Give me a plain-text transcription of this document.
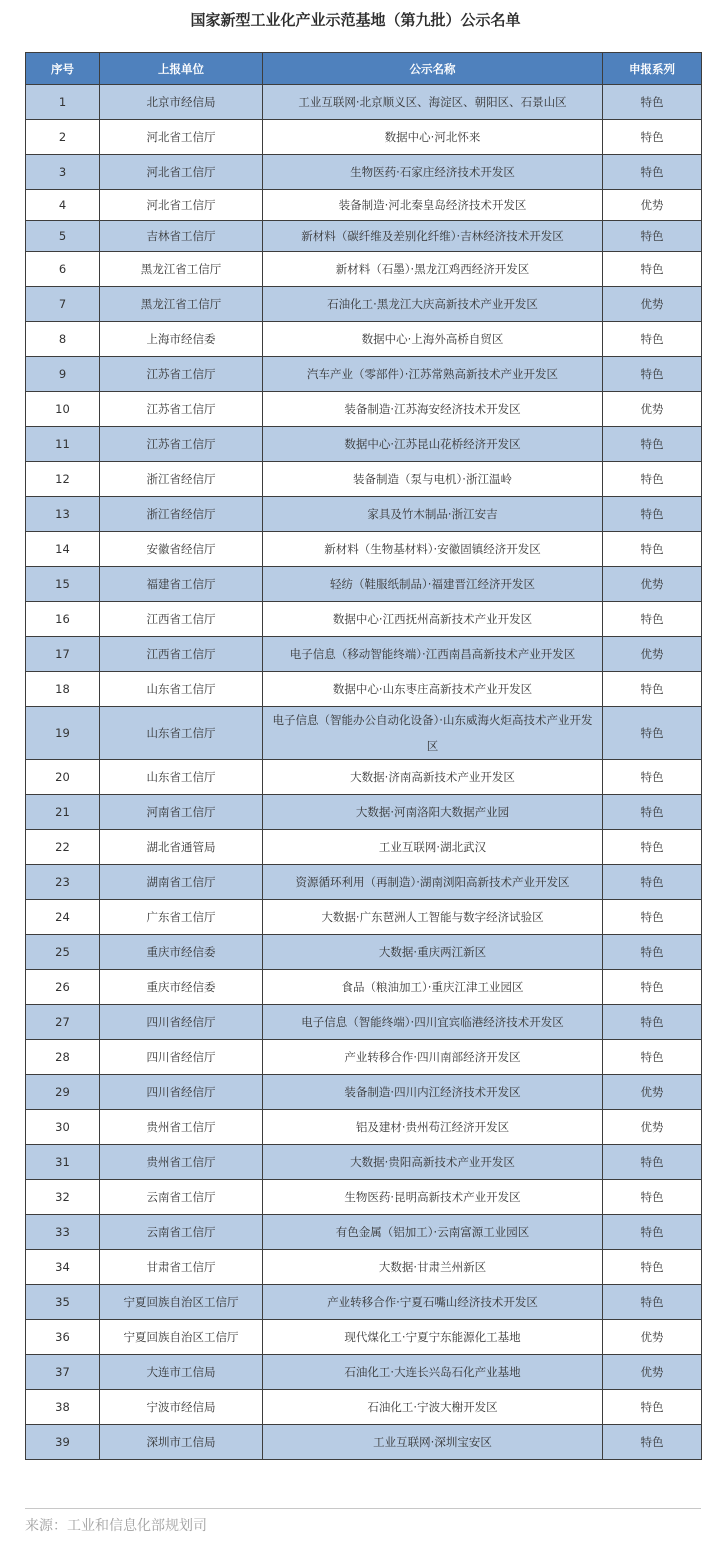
国家新型工业化产业示范基地（第九批）公示名单
序号	上报单位	公示名称	申报系列
1	北京市经信局	工业互联网·北京顺义区、海淀区、朝阳区、石景山区	特色
2	河北省工信厅	数据中心·河北怀来	特色
3	河北省工信厅	生物医药·石家庄经济技术开发区	特色
4	河北省工信厅	装备制造·河北秦皇岛经济技术开发区	优势
5	吉林省工信厅	新材料（碳纤维及差别化纤维）·吉林经济技术开发区	特色
6	黑龙江省工信厅	新材料（石墨）·黑龙江鸡西经济开发区	特色
7	黑龙江省工信厅	石油化工·黑龙江大庆高新技术产业开发区	优势
8	上海市经信委	数据中心·上海外高桥自贸区	特色
9	江苏省工信厅	汽车产业（零部件）·江苏常熟高新技术产业开发区	特色
10	江苏省工信厅	装备制造·江苏海安经济技术开发区	优势
11	江苏省工信厅	数据中心·江苏昆山花桥经济开发区	特色
12	浙江省经信厅	装备制造（泵与电机）·浙江温岭	特色
13	浙江省经信厅	家具及竹木制品·浙江安吉	特色
14	安徽省经信厅	新材料（生物基材料）·安徽固镇经济开发区	特色
15	福建省工信厅	轻纺（鞋服纸制品）·福建晋江经济开发区	优势
16	江西省工信厅	数据中心·江西抚州高新技术产业开发区	特色
17	江西省工信厅	电子信息（移动智能终端）·江西南昌高新技术产业开发区	优势
18	山东省工信厅	数据中心·山东枣庄高新技术产业开发区	特色
19	山东省工信厅	电子信息（智能办公自动化设备）·山东威海火炬高技术产业开发区	特色
20	山东省工信厅	大数据·济南高新技术产业开发区	特色
21	河南省工信厅	大数据·河南洛阳大数据产业园	特色
22	湖北省通管局	工业互联网·湖北武汉	特色
23	湖南省工信厅	资源循环利用（再制造）·湖南浏阳高新技术产业开发区	特色
24	广东省工信厅	大数据·广东琶洲人工智能与数字经济试验区	特色
25	重庆市经信委	大数据·重庆两江新区	特色
26	重庆市经信委	食品（粮油加工）·重庆江津工业园区	特色
27	四川省经信厅	电子信息（智能终端）·四川宜宾临港经济技术开发区	特色
28	四川省经信厅	产业转移合作·四川南部经济开发区	特色
29	四川省经信厅	装备制造·四川内江经济技术开发区	优势
30	贵州省工信厅	铝及建材·贵州苟江经济开发区	优势
31	贵州省工信厅	大数据·贵阳高新技术产业开发区	特色
32	云南省工信厅	生物医药·昆明高新技术产业开发区	特色
33	云南省工信厅	有色金属（铝加工）·云南富源工业园区	特色
34	甘肃省工信厅	大数据·甘肃兰州新区	特色
35	宁夏回族自治区工信厅	产业转移合作·宁夏石嘴山经济技术开发区	特色
36	宁夏回族自治区工信厅	现代煤化工·宁夏宁东能源化工基地	优势
37	大连市工信局	石油化工·大连长兴岛石化产业基地	优势
38	宁波市经信局	石油化工·宁波大榭开发区	特色
39	深圳市工信局	工业互联网·深圳宝安区	特色
来源：工业和信息化部规划司
